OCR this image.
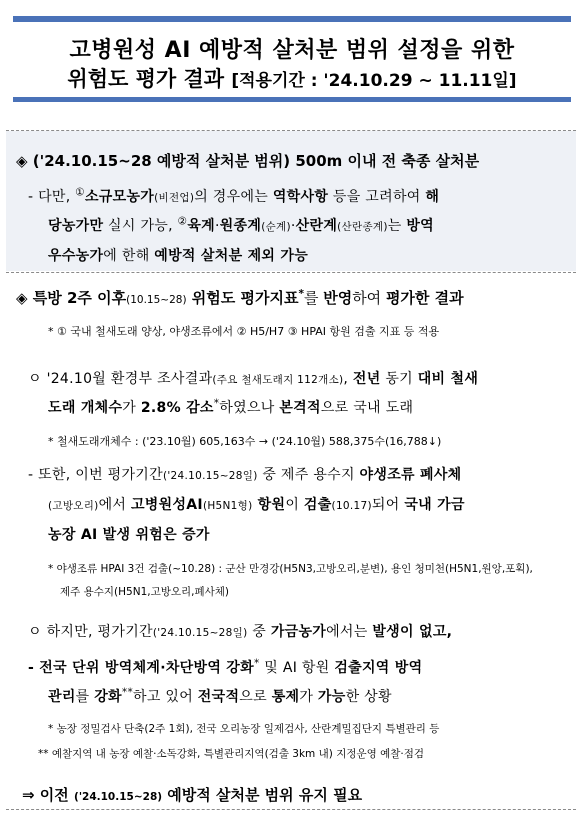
고병원성 AI 예방적 살처분 범위 설정을 위한
위험도 평가 결과 [적용기간 : '24.10.29 ~ 11.11일]
◈ ('24.10.15~28 예방적 살처분 범위) 500m 이내 전 축종 살처분
- 다만, ①소규모농가(비전업)의 경우에는 역학사항 등을 고려하여 해
당농가만 실시 가능, ②육계·원종계(순계)·산란계(산란종계)는 방역
우수농가에 한해 예방적 살처분 제외 가능
◈ 특방 2주 이후(10.15~28) 위험도 평가지표*를 반영하여 평가한 결과
* ① 국내 철새도래 양상, 야생조류에서 ② H5/H7 ③ HPAI 항원 검출 지표 등 적용
ㅇ '24.10월 환경부 조사결과(주요 철새도래지 112개소), 전년 동기 대비 철새
도래 개체수가 2.8% 감소*하였으나 본격적으로 국내 도래
* 철새도래개체수 : ('23.10월) 605,163수 → ('24.10월) 588,375수(16,788↓)
- 또한, 이번 평가기간('24.10.15~28일) 중 제주 용수지 야생조류 폐사체
(고방오리)에서 고병원성AI(H5N1형) 항원이 검출(10.17)되어 국내 가금
농장 AI 발생 위험은 증가
* 야생조류 HPAI 3건 검출(~10.28) : 군산 만경강(H5N3,고방오리,분변), 용인 청미천(H5N1,원앙,포획),
제주 용수지(H5N1,고방오리,폐사체)
ㅇ 하지만, 평가기간('24.10.15~28일) 중 가금농가에서는 발생이 없고,
- 전국 단위 방역체계·차단방역 강화* 및 AI 항원 검출지역 방역
관리를 강화**하고 있어 전국적으로 통제가 가능한 상황
* 농장 정밀검사 단축(2주 1회), 전국 오리농장 일제검사, 산란계밀집단지 특별관리 등
** 예찰지역 내 농장 예찰·소독강화, 특별관리지역(검출 3km 내) 지정운영 예찰·점검
⇒ 이전 ('24.10.15~28) 예방적 살처분 범위 유지 필요
